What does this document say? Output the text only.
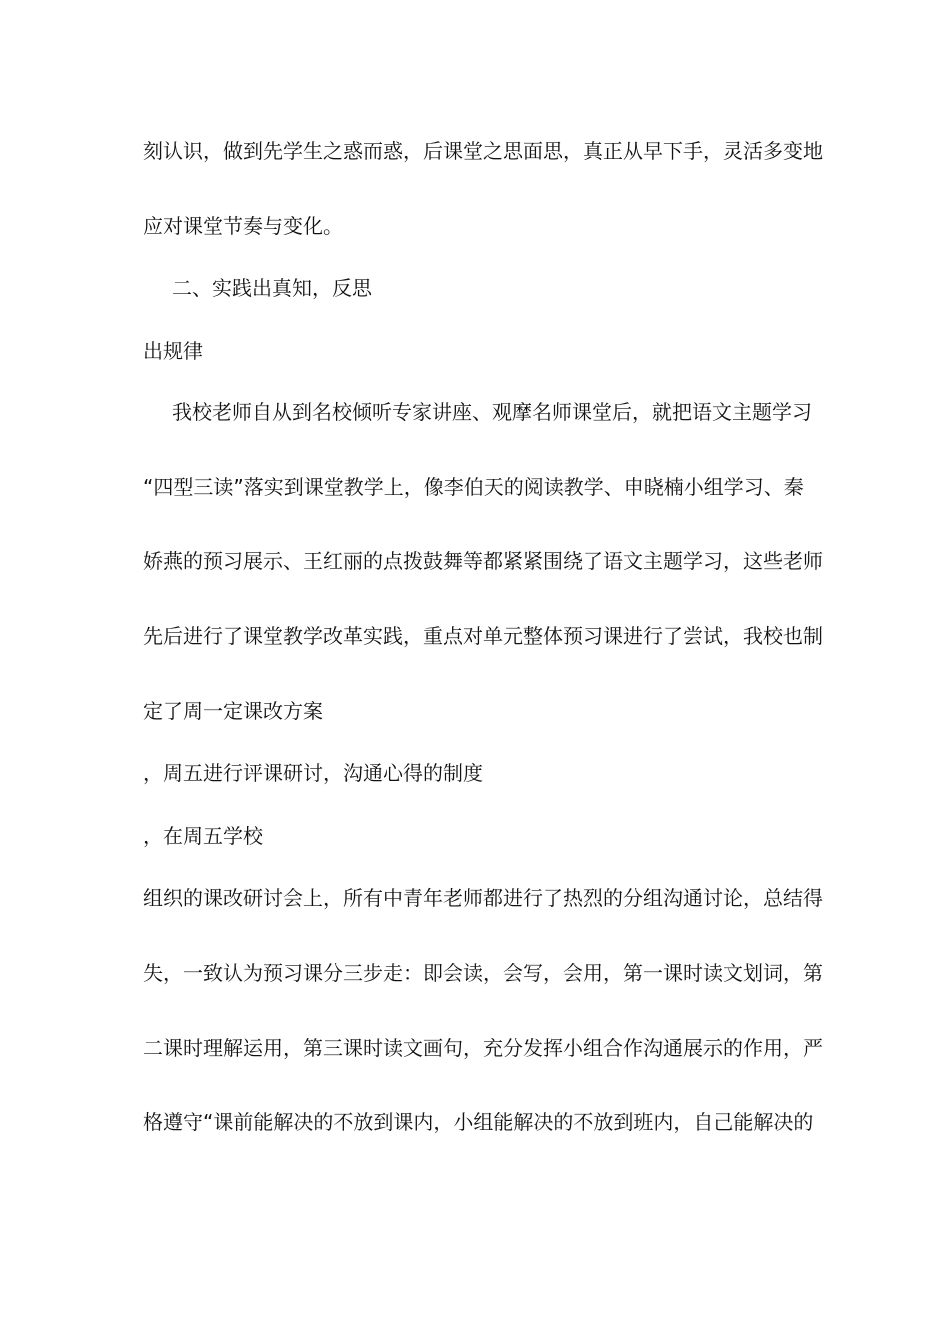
刻认识，做到先学生之惑而惑，后课堂之思面思，真正从早下手，灵活多变地
应对课堂节奏与变化。
二、实践出真知，反思
出规律
我校老师自从到名校倾听专家讲座、观摩名师课堂后，就把语文主题学习
“四型三读”落实到课堂教学上，像李伯天的阅读教学、申晓楠小组学习、秦
娇燕的预习展示、王红丽的点拨鼓舞等都紧紧围绕了语文主题学习，这些老师
先后进行了课堂教学改革实践，重点对单元整体预习课进行了尝试，我校也制
定了周一定课改方案
，周五进行评课研讨，沟通心得的制度
，在周五学校
组织的课改研讨会上，所有中青年老师都进行了热烈的分组沟通讨论，总结得
失，一致认为预习课分三步走：即会读，会写，会用，第一课时读文划词，第
二课时理解运用，第三课时读文画句，充分发挥小组合作沟通展示的作用，严
格遵守“课前能解决的不放到课内，小组能解决的不放到班内，自己能解决的
